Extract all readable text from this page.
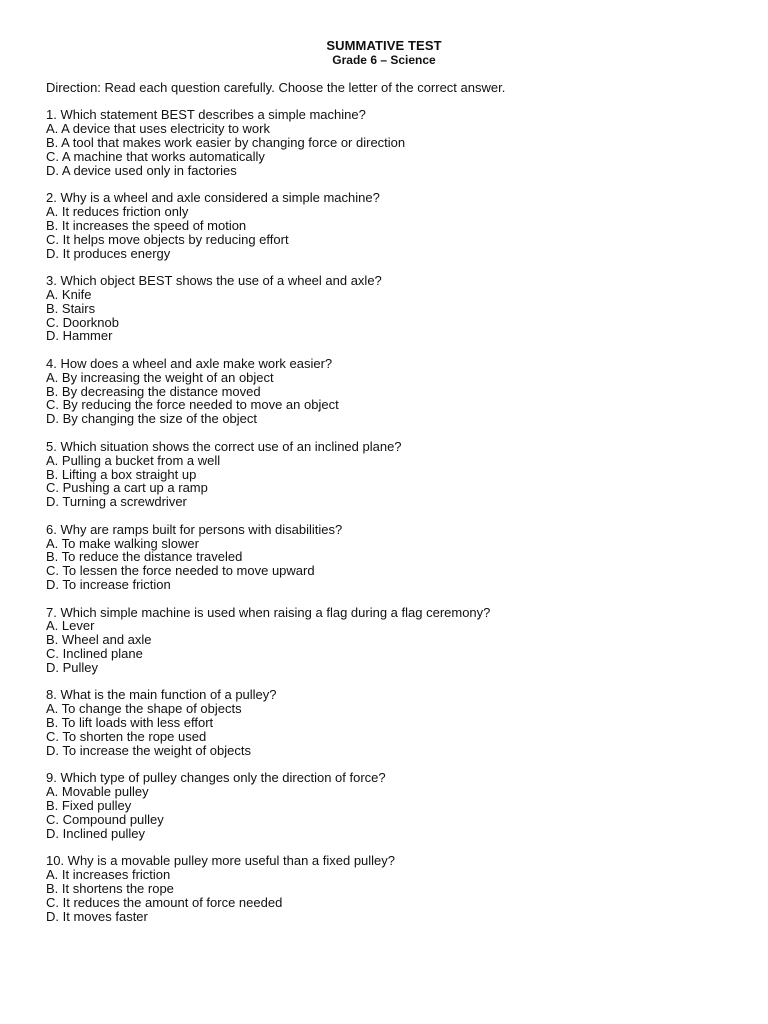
SUMMATIVE TEST
Grade 6 – Science
Direction: Read each question carefully. Choose the letter of the correct answer.
1. Which statement BEST describes a simple machine?
A. A device that uses electricity to work
B. A tool that makes work easier by changing force or direction
C. A machine that works automatically
D. A device used only in factories
2. Why is a wheel and axle considered a simple machine?
A. It reduces friction only
B. It increases the speed of motion
C. It helps move objects by reducing effort
D. It produces energy
3. Which object BEST shows the use of a wheel and axle?
A. Knife
B. Stairs
C. Doorknob
D. Hammer
4. How does a wheel and axle make work easier?
A. By increasing the weight of an object
B. By decreasing the distance moved
C. By reducing the force needed to move an object
D. By changing the size of the object
5. Which situation shows the correct use of an inclined plane?
A. Pulling a bucket from a well
B. Lifting a box straight up
C. Pushing a cart up a ramp
D. Turning a screwdriver
6. Why are ramps built for persons with disabilities?
A. To make walking slower
B. To reduce the distance traveled
C. To lessen the force needed to move upward
D. To increase friction
7. Which simple machine is used when raising a flag during a flag ceremony?
A. Lever
B. Wheel and axle
C. Inclined plane
D. Pulley
8. What is the main function of a pulley?
A. To change the shape of objects
B. To lift loads with less effort
C. To shorten the rope used
D. To increase the weight of objects
9. Which type of pulley changes only the direction of force?
A. Movable pulley
B. Fixed pulley
C. Compound pulley
D. Inclined pulley
10. Why is a movable pulley more useful than a fixed pulley?
A. It increases friction
B. It shortens the rope
C. It reduces the amount of force needed
D. It moves faster
